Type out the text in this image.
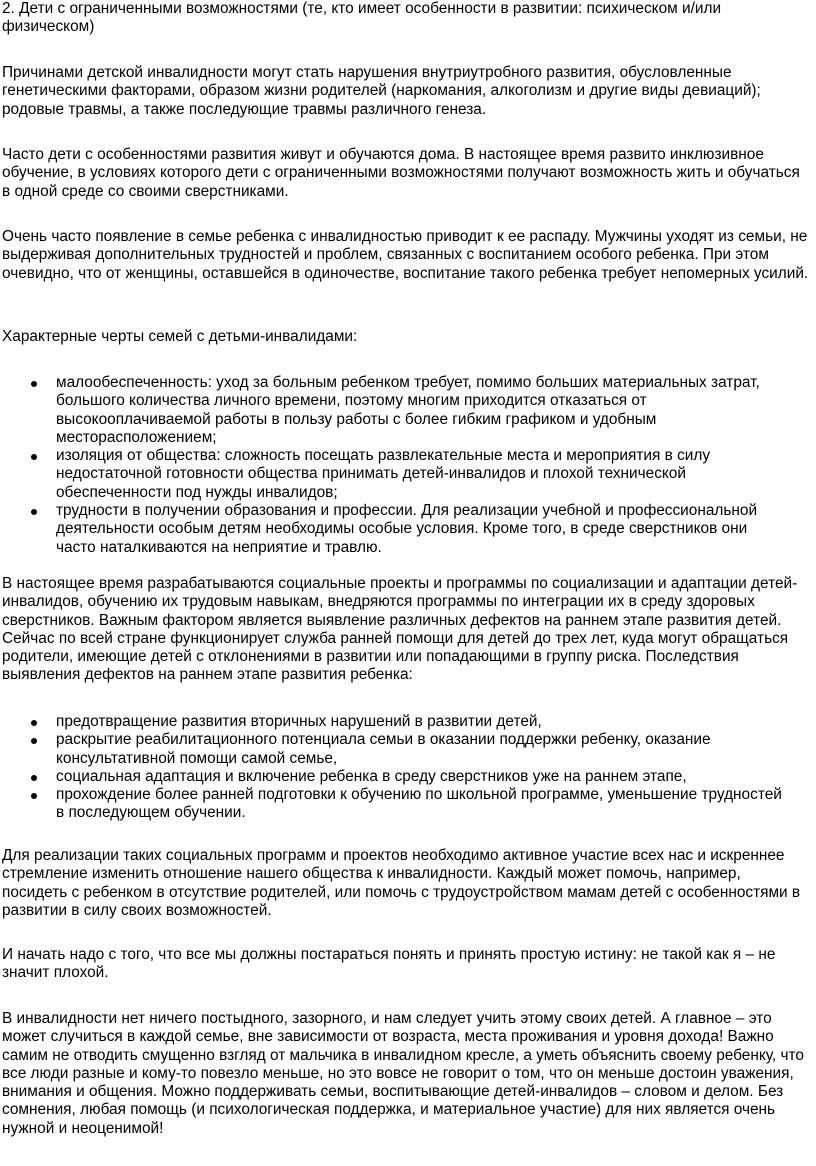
2. Дети с ограниченными возможностями (те, кто имеет особенности в развитии: психическом и/или физическом)

Причинами детской инвалидности могут стать нарушения внутриутробного развития, обусловленные генетическими факторами, образом жизни родителей (наркомания, алкоголизм и другие виды девиаций); родовые травмы, а также последующие травмы различного генеза.

Часто дети с особенностями развития живут и обучаются дома. В настоящее время развито инклюзивное обучение, в условиях которого дети с ограниченными возможностями получают возможность жить и обучаться в одной среде со своими сверстниками.

Очень часто появление в семье ребенка с инвалидностью приводит к ее распаду. Мужчины уходят из семьи, не выдерживая дополнительных трудностей и проблем, связанных с воспитанием особого ребенка. При этом очевидно, что от женщины, оставшейся в одиночестве, воспитание такого ребенка требует непомерных усилий.

Характерные черты семей с детьми-инвалидами:

малообеспеченность: уход за больным ребенком требует, помимо больших материальных затрат, большого количества личного времени, поэтому многим приходится отказаться от высокооплачиваемой работы в пользу работы с более гибким графиком и удобным месторасположением;
изоляция от общества: сложность посещать развлекательные места и мероприятия в силу недостаточной готовности общества принимать детей-инвалидов и плохой технической обеспеченности под нужды инвалидов;
трудности в получении образования и профессии. Для реализации учебной и профессиональной деятельности особым детям необходимы особые условия. Кроме того, в среде сверстников они часто наталкиваются на неприятие и травлю.

В настоящее время разрабатываются социальные проекты и программы по социализации и адаптации детей-инвалидов, обучению их трудовым навыкам, внедряются программы по интеграции их в среду здоровых сверстников. Важным фактором является выявление различных дефектов на раннем этапе развития детей. Сейчас по всей стране функционирует служба ранней помощи для детей до трех лет, куда могут обращаться родители, имеющие детей с отклонениями в развитии или попадающими в группу риска. Последствия выявления дефектов на раннем этапе развития ребенка:

предотвращение развития вторичных нарушений в развитии детей,
раскрытие реабилитационного потенциала семьи в оказании поддержки ребенку, оказание консультативной помощи самой семье,
социальная адаптация и включение ребенка в среду сверстников уже на раннем этапе,
прохождение более ранней подготовки к обучению по школьной программе, уменьшение трудностей в последующем обучении.

Для реализации таких социальных программ и проектов необходимо активное участие всех нас и искреннее стремление изменить отношение нашего общества к инвалидности. Каждый может помочь, например, посидеть с ребенком в отсутствие родителей, или помочь с трудоустройством мамам детей с особенностями в развитии в силу своих возможностей.

И начать надо с того, что все мы должны постараться понять и принять простую истину: не такой как я – не значит плохой.

В инвалидности нет ничего постыдного, зазорного, и нам следует учить этому своих детей. А главное – это может случиться в каждой семье, вне зависимости от возраста, места проживания и уровня дохода! Важно самим не отводить смущенно взгляд от мальчика в инвалидном кресле, а уметь объяснить своему ребенку, что все люди разные и кому-то повезло меньше, но это вовсе не говорит о том, что он меньше достоин уважения, внимания и общения. Можно поддерживать семьи, воспитывающие детей-инвалидов – словом и делом. Без сомнения, любая помощь (и психологическая поддержка, и материальное участие) для них является очень нужной и неоценимой!
